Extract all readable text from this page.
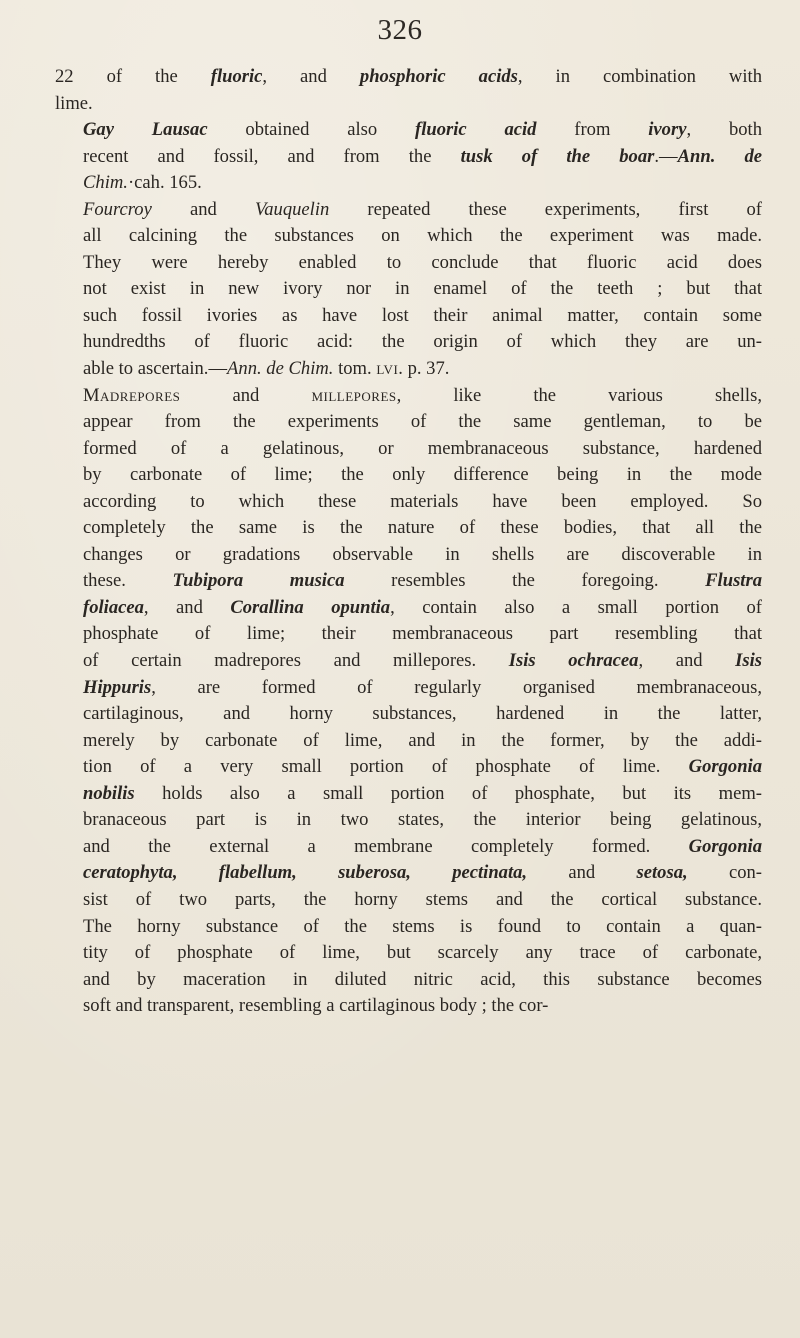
326

22 of the fluoric, and phosphoric acids, in combination with
lime.

Gay Lausac obtained also fluoric acid from ivory, both
recent and fossil, and from the tusk of the boar.—Ann. de
Chim.·cah. 165.

Fourcroy and Vauquelin repeated these experiments, first of
all calcining the substances on which the experiment was made.
They were hereby enabled to conclude that fluoric acid does
not exist in new ivory nor in enamel of the teeth ; but that
such fossil ivories as have lost their animal matter, contain some
hundredths of fluoric acid: the origin of which they are un-
able to ascertain.—Ann. de Chim. tom. lvi. p. 37.

Madrepores and millepores, like the various shells,
appear from the experiments of the same gentleman, to be
formed of a gelatinous, or membranaceous substance, hardened
by carbonate of lime; the only difference being in the mode
according to which these materials have been employed. So
completely the same is the nature of these bodies, that all the
changes or gradations observable in shells are discoverable in
these. Tubipora musica resembles the foregoing. Flustra
foliacea, and Corallina opuntia, contain also a small portion of
phosphate of lime; their membranaceous part resembling that
of certain madrepores and millepores. Isis ochracea, and Isis
Hippuris, are formed of regularly organised membranaceous,
cartilaginous, and horny substances, hardened in the latter,
merely by carbonate of lime, and in the former, by the addi-
tion of a very small portion of phosphate of lime. Gorgonia
nobilis holds also a small portion of phosphate, but its mem-
branaceous part is in two states, the interior being gelatinous,
and the external a membrane completely formed. Gorgonia
ceratophyta, flabellum, suberosa, pectinata, and setosa, con-
sist of two parts, the horny stems and the cortical substance.
The horny substance of the stems is found to contain a quan-
tity of phosphate of lime, but scarcely any trace of carbonate,
and by maceration in diluted nitric acid, this substance becomes
soft and transparent, resembling a cartilaginous body ; the cor-
